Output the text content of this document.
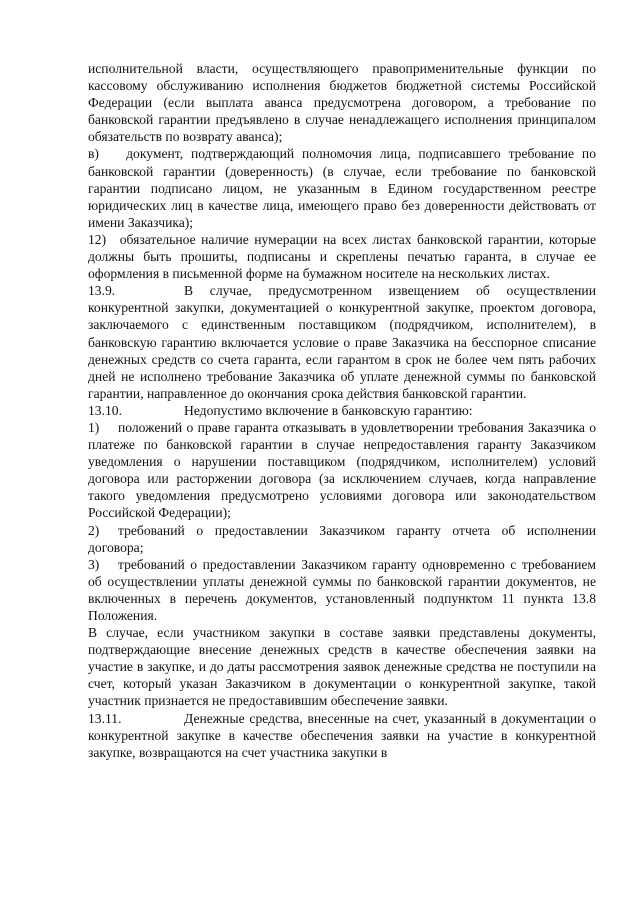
исполнительной власти, осуществляющего правоприменительные функции по кассовому обслуживанию исполнения бюджетов бюджетной системы Российской Федерации (если выплата аванса предусмотрена договором, а требование по банковской гарантии предъявлено в случае ненадлежащего исполнения принципалом обязательств по возврату аванса);

в)  документ, подтверждающий полномочия лица, подписавшего требование по банковской гарантии (доверенность) (в случае, если требование по банковской гарантии подписано лицом, не указанным в Едином государственном реестре юридических лиц в качестве лица, имеющего право без доверенности действовать от имени Заказчика);

12) обязательное наличие нумерации на всех листах банковской гарантии, которые должны быть прошиты, подписаны и скреплены печатью гаранта, в случае ее оформления в письменной форме на бумажном носителе на нескольких листах.

13.9.	В случае, предусмотренном извещением об осуществлении конкурентной закупки, документацией о конкурентной закупке, проектом договора, заключаемого с единственным поставщиком (подрядчиком, исполнителем), в банковскую гарантию включается условие о праве Заказчика на бесспорное списание денежных средств со счета гаранта, если гарантом в срок не более чем пять рабочих дней не исполнено требование Заказчика об уплате денежной суммы по банковской гарантии, направленное до окончания срока действия банковской гарантии.

13.10.	Недопустимо включение в банковскую гарантию:

1) положений о праве гаранта отказывать в удовлетворении требования Заказчика о платеже по банковской гарантии в случае непредоставления гаранту Заказчиком уведомления о нарушении поставщиком (подрядчиком, исполнителем) условий договора или расторжении договора (за исключением случаев, когда направление такого уведомления предусмотрено условиями договора или законодательством Российской Федерации);

2) требований о предоставлении Заказчиком гаранту отчета об исполнении договора;

3) требований о предоставлении Заказчиком гаранту одновременно с требованием об осуществлении уплаты денежной суммы по банковской гарантии документов, не включенных в перечень документов, установленный подпунктом 11 пункта 13.8 Положения.

В случае, если участником закупки в составе заявки представлены документы, подтверждающие внесение денежных средств в качестве обеспечения заявки на участие в закупке, и до даты рассмотрения заявок денежные средства не поступили на счет, который указан Заказчиком в документации о конкурентной закупке, такой участник признается не предоставившим обеспечение заявки.

13.11.	Денежные средства, внесенные на счет, указанный в документации о конкурентной закупке в качестве обеспечения заявки на участие в конкурентной закупке, возвращаются на счет участника закупки в
